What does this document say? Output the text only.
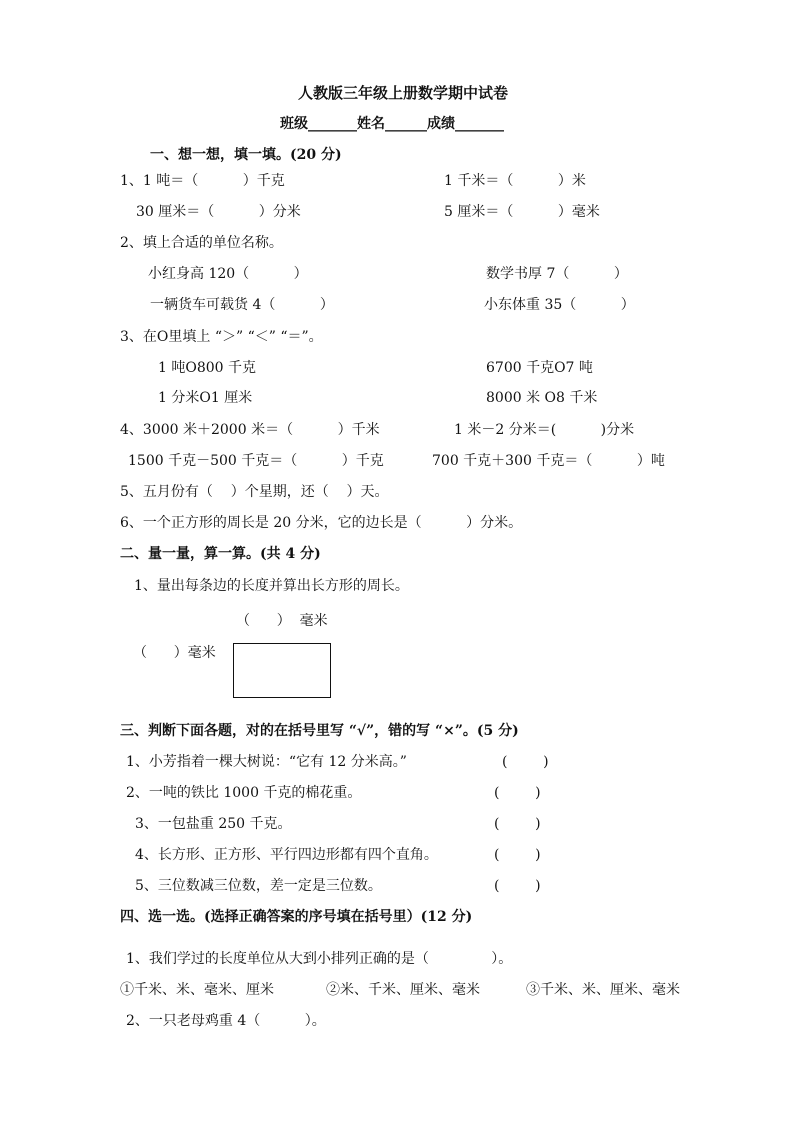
人教版三年级上册数学期中试卷
班级_______姓名______成绩_______
一、想一想，填一填。(20 分)
1、1 吨＝（          ）千克	1 千米＝（          ）米
30 厘米＝（          ）分米	5 厘米＝（          ）毫米
2、填上合适的单位名称。
小红身高 120（          ）	数学书厚 7（          ）
一辆货车可载货 4（          ）	小东体重 35（          ）
3、在O里填上 “＞” “＜” “＝”。
1 吨O800 千克	6700 千克O7 吨
1 分米O1 厘米	8000 米 O8 千米
4、3000 米＋2000 米＝（          ）千米	1 米－2 分米＝(          )分米
1500 千克－500 千克＝（          ）千克	700 千克＋300 千克＝（          ）吨
5、五月份有（    ）个星期，还（    ）天。
6、一个正方形的周长是 20 分米，它的边长是（          ）分米。
二、量一量，算一算。(共 4 分)
1、量出每条边的长度并算出长方形的周长。
（      ）  毫米
（      ）毫米
三、判断下面各题，对的在括号里写 “√”，错的写 “×”。(5 分)
1、小芳指着一棵大树说：“它有 12 分米高。”	(        )
2、一吨的铁比 1000 千克的棉花重。	(        )
3、一包盐重 250 千克。	(        )
4、长方形、正方形、平行四边形都有四个直角。	(        )
5、三位数减三位数，差一定是三位数。	(        )
四、选一选。(选择正确答案的序号填在括号里）(12 分)
1、我们学过的长度单位从大到小排列正确的是（              ）。
①千米、米、毫米、厘米	②米、千米、厘米、毫米	③千米、米、厘米、毫米
2、一只老母鸡重 4（          ）。
